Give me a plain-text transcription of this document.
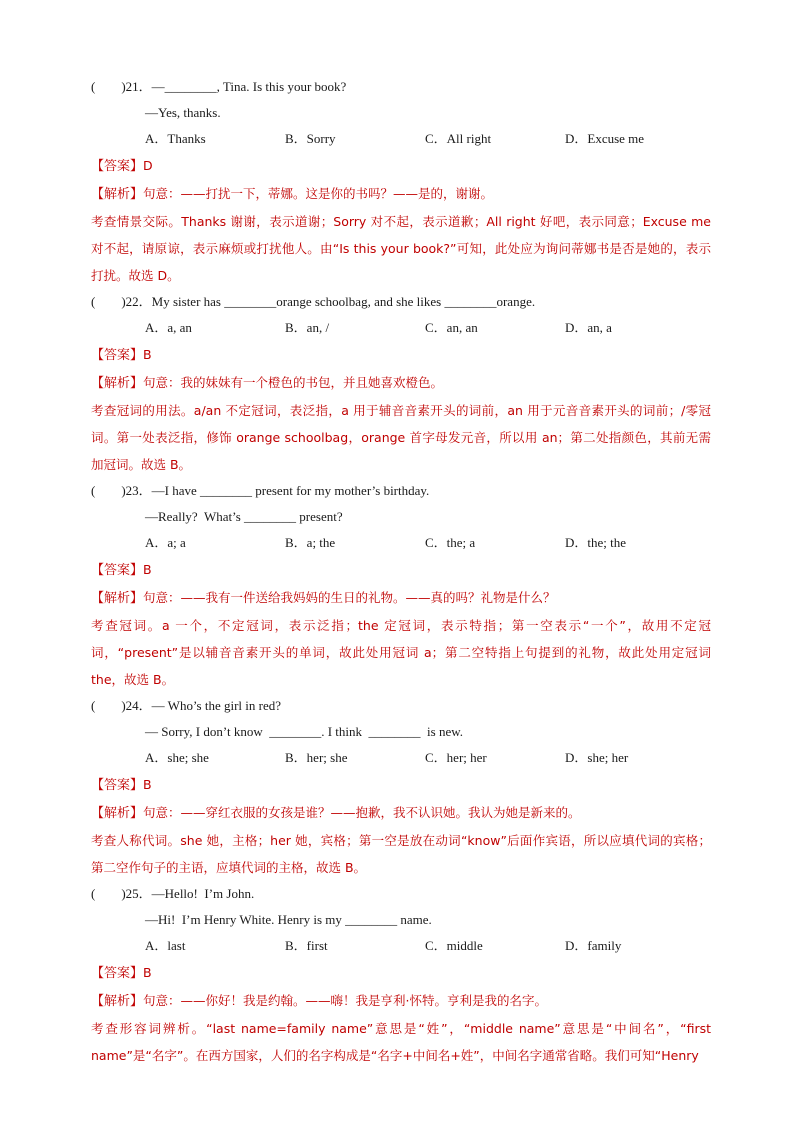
(        )21．—________, Tina. Is this your book?
—Yes, thanks.
A．Thanks	B．Sorry	C．All right	D．Excuse me
【答案】D
【解析】句意：——打扰一下，蒂娜。这是你的书吗？——是的，谢谢。
考查情景交际。Thanks 谢谢，表示道谢；Sorry 对不起，表示道歉；All right 好吧，表示同意；Excuse me 对不起，请原谅，表示麻烦或打扰他人。由“Is this your book?”可知，此处应为询问蒂娜书是否是她的，表示打扰。故选 D。
(        )22．My sister has ________orange schoolbag, and she likes ________orange.
A．a, an	B．an, /	C．an, an	D．an, a
【答案】B
【解析】句意：我的妹妹有一个橙色的书包，并且她喜欢橙色。
考查冠词的用法。a/an 不定冠词，表泛指，a 用于辅音音素开头的词前，an 用于元音音素开头的词前；/零冠词。第一处表泛指，修饰 orange schoolbag，orange 首字母发元音，所以用 an；第二处指颜色，其前无需加冠词。故选 B。
(        )23．—I have ________ present for my mother’s birthday.
—Really?  What’s ________ present?
A．a; a	B．a; the	C．the; a	D．the; the
【答案】B
【解析】句意：——我有一件送给我妈妈的生日的礼物。——真的吗？礼物是什么？
考查冠词。a 一个，不定冠词，表示泛指；the 定冠词，表示特指；第一空表示“一个”，故用不定冠词，“present”是以辅音音素开头的单词，故此处用冠词 a；第二空特指上句提到的礼物，故此处用定冠词 the，故选 B。
(        )24．— Who’s the girl in red?
— Sorry, I don’t know  ________. I think  ________  is new.
A．she; she	B．her; she	C．her; her	D．she; her
【答案】B
【解析】句意：——穿红衣服的女孩是谁？——抱歉，我不认识她。我认为她是新来的。
考查人称代词。she 她，主格；her 她，宾格；第一空是放在动词“know”后面作宾语，所以应填代词的宾格；第二空作句子的主语，应填代词的主格，故选 B。
(        )25．—Hello!  I’m John.
—Hi!  I’m Henry White. Henry is my ________ name.
A．last	B．first	C．middle	D．family
【答案】B
【解析】句意：——你好！我是约翰。——嗨！我是亨利·怀特。亨利是我的名字。
考查形容词辨析。“last name=family name”意思是“姓”，“middle name”意思是“中间名”，“first name”是“名字”。在西方国家，人们的名字构成是“名字+中间名+姓”，中间名字通常省略。我们可知“Henry
